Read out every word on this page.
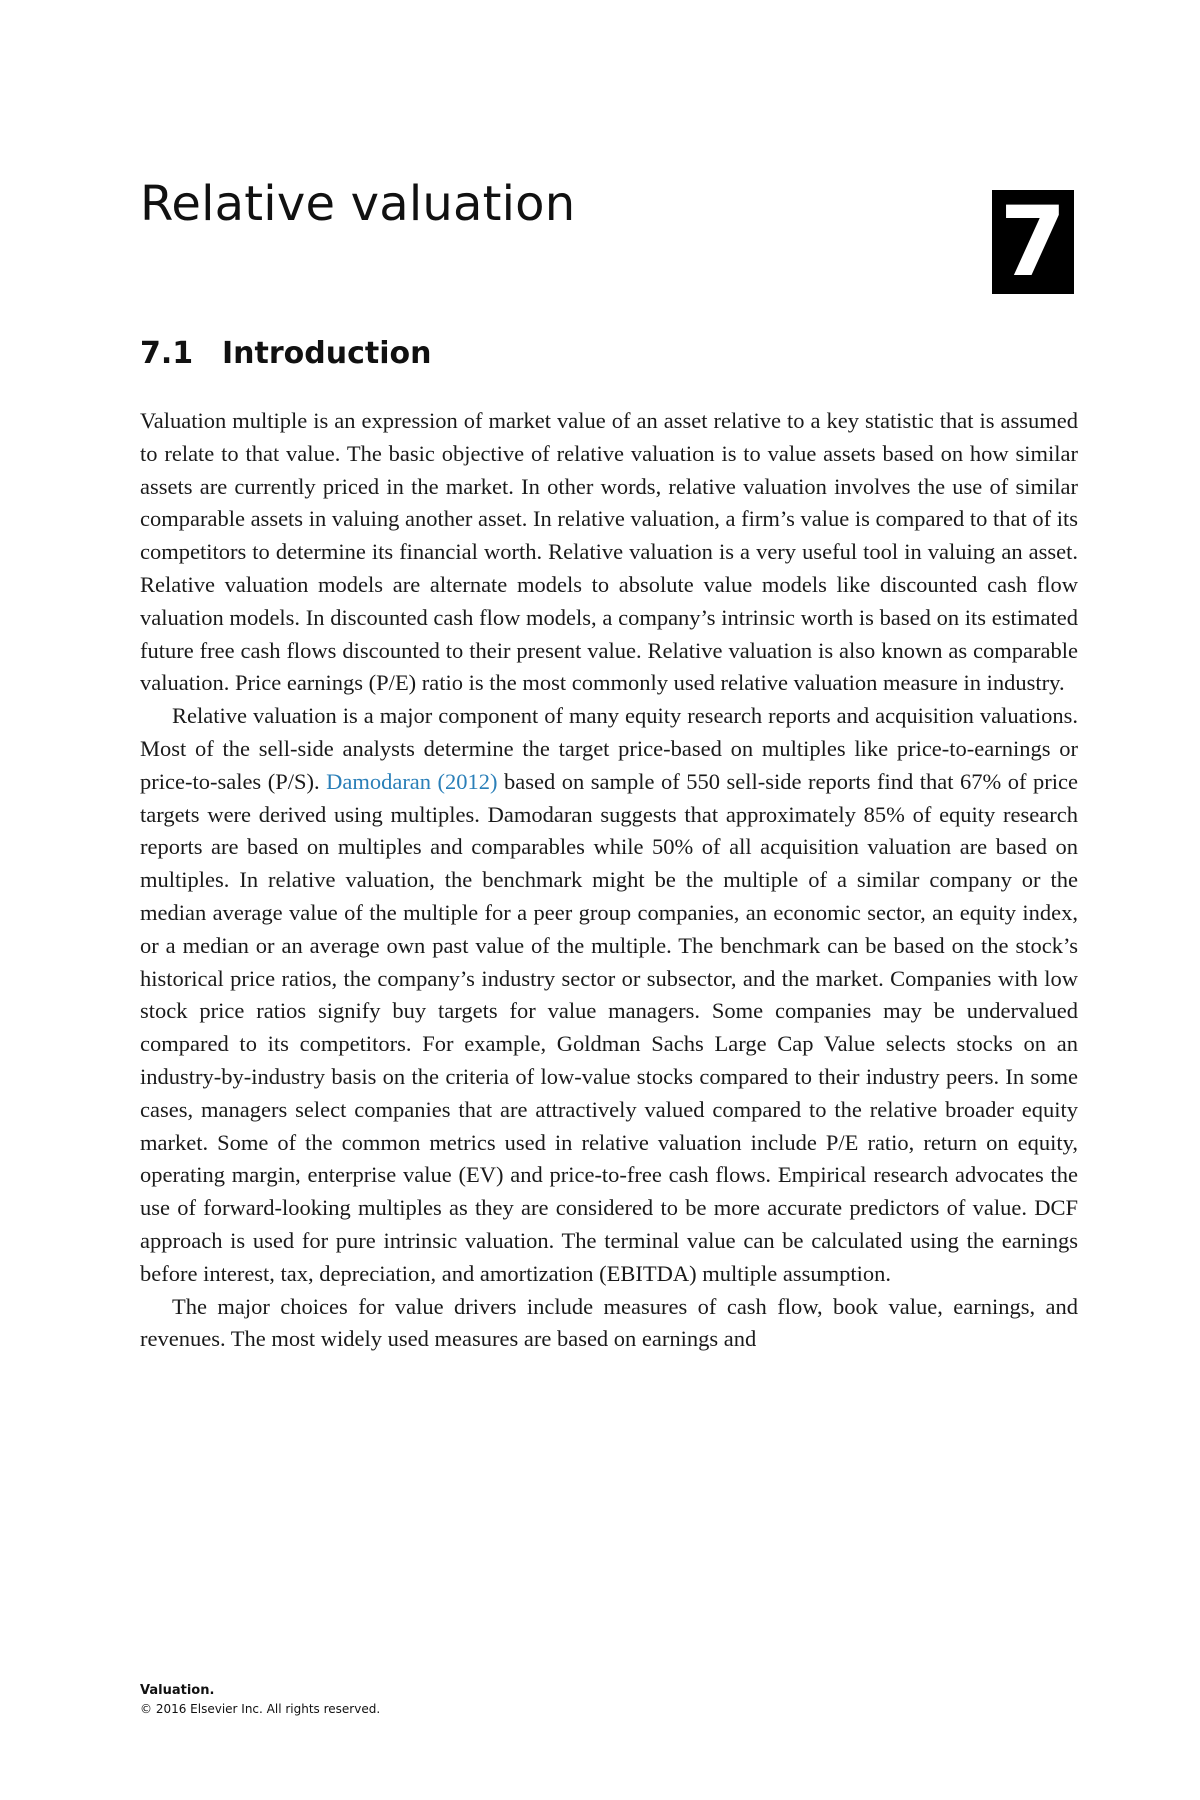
Relative valuation	7
7.1 Introduction

Valuation multiple is an expression of market value of an asset relative to a key statistic that is assumed to relate to that value. The basic objective of relative valuation is to value assets based on how similar assets are currently priced in the market. In other words, relative valuation involves the use of similar comparable assets in valuing another asset. In relative valuation, a firm’s value is compared to that of its competitors to determine its financial worth. Relative valuation is a very useful tool in valuing an asset. Relative valuation models are alternate models to absolute value models like discounted cash flow valuation models. In discounted cash flow models, a company’s intrinsic worth is based on its estimated future free cash flows discounted to their present value. Relative valuation is also known as comparable valuation. Price earnings (P/E) ratio is the most commonly used relative valuation measure in industry.

Relative valuation is a major component of many equity research reports and acquisition valuations. Most of the sell-side analysts determine the target price-based on multiples like price-to-earnings or price-to-sales (P/S). Damodaran (2012) based on sample of 550 sell-side reports find that 67% of price targets were derived using multiples. Damodaran suggests that approximately 85% of equity research reports are based on multiples and comparables while 50% of all acquisition valuation are based on multiples. In relative valuation, the benchmark might be the multiple of a similar company or the median average value of the multiple for a peer group companies, an economic sector, an equity index, or a median or an average own past value of the multiple. The benchmark can be based on the stock’s historical price ratios, the company’s industry sector or subsector, and the market. Companies with low stock price ratios signify buy targets for value managers. Some companies may be undervalued compared to its competitors. For example, Goldman Sachs Large Cap Value selects stocks on an industry-by-industry basis on the criteria of low-value stocks compared to their industry peers. In some cases, managers select companies that are attractively valued compared to the relative broader equity market. Some of the common metrics used in relative valuation include P/E ratio, return on equity, operating margin, enterprise value (EV) and price-to-free cash flows. Empirical research advocates the use of forward-looking multiples as they are considered to be more accurate predictors of value. DCF approach is used for pure intrinsic valuation. The terminal value can be calculated using the earnings before interest, tax, depreciation, and amortization (EBITDA) multiple assumption.

The major choices for value drivers include measures of cash flow, book value, earnings, and revenues. The most widely used measures are based on earnings and

Valuation.
© 2016 Elsevier Inc. All rights reserved.
